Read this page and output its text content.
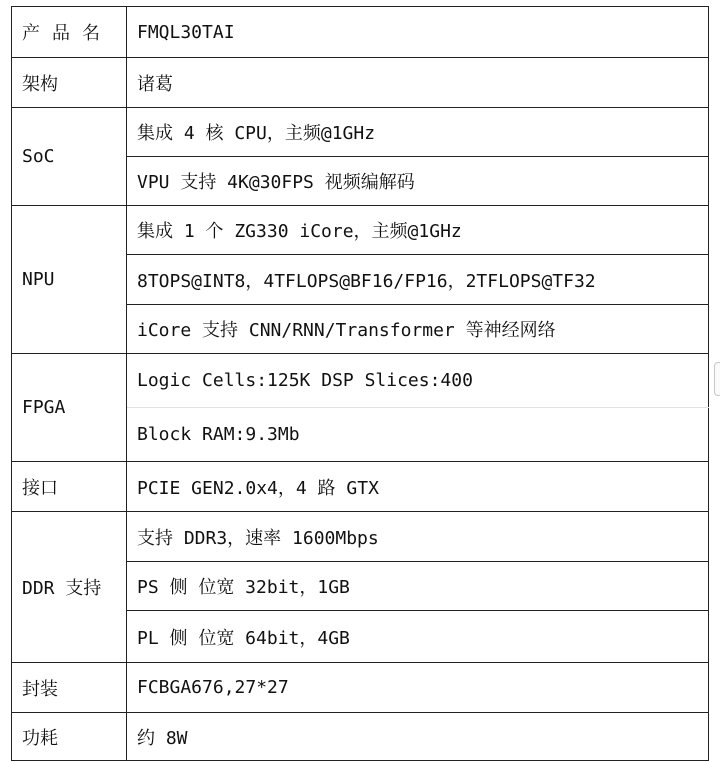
产品名	FMQL30TAI
架构	诸葛
SoC	集成 4 核 CPU，主频@1GHz
	VPU 支持 4K@30FPS 视频编解码
NPU	集成 1 个 ZG330 iCore，主频@1GHz
	8TOPS@INT8，4TFLOPS@BF16/FP16，2TFLOPS@TF32
	iCore 支持 CNN/RNN/Transformer 等神经网络
FPGA	Logic Cells:125K DSP Slices:400
	Block RAM:9.3Mb
接口	PCIE GEN2.0x4，4 路 GTX
DDR 支持	支持 DDR3，速率 1600Mbps
	PS 侧 位宽 32bit，1GB
	PL 侧 位宽 64bit，4GB
封装	FCBGA676,27*27
功耗	约 8W
